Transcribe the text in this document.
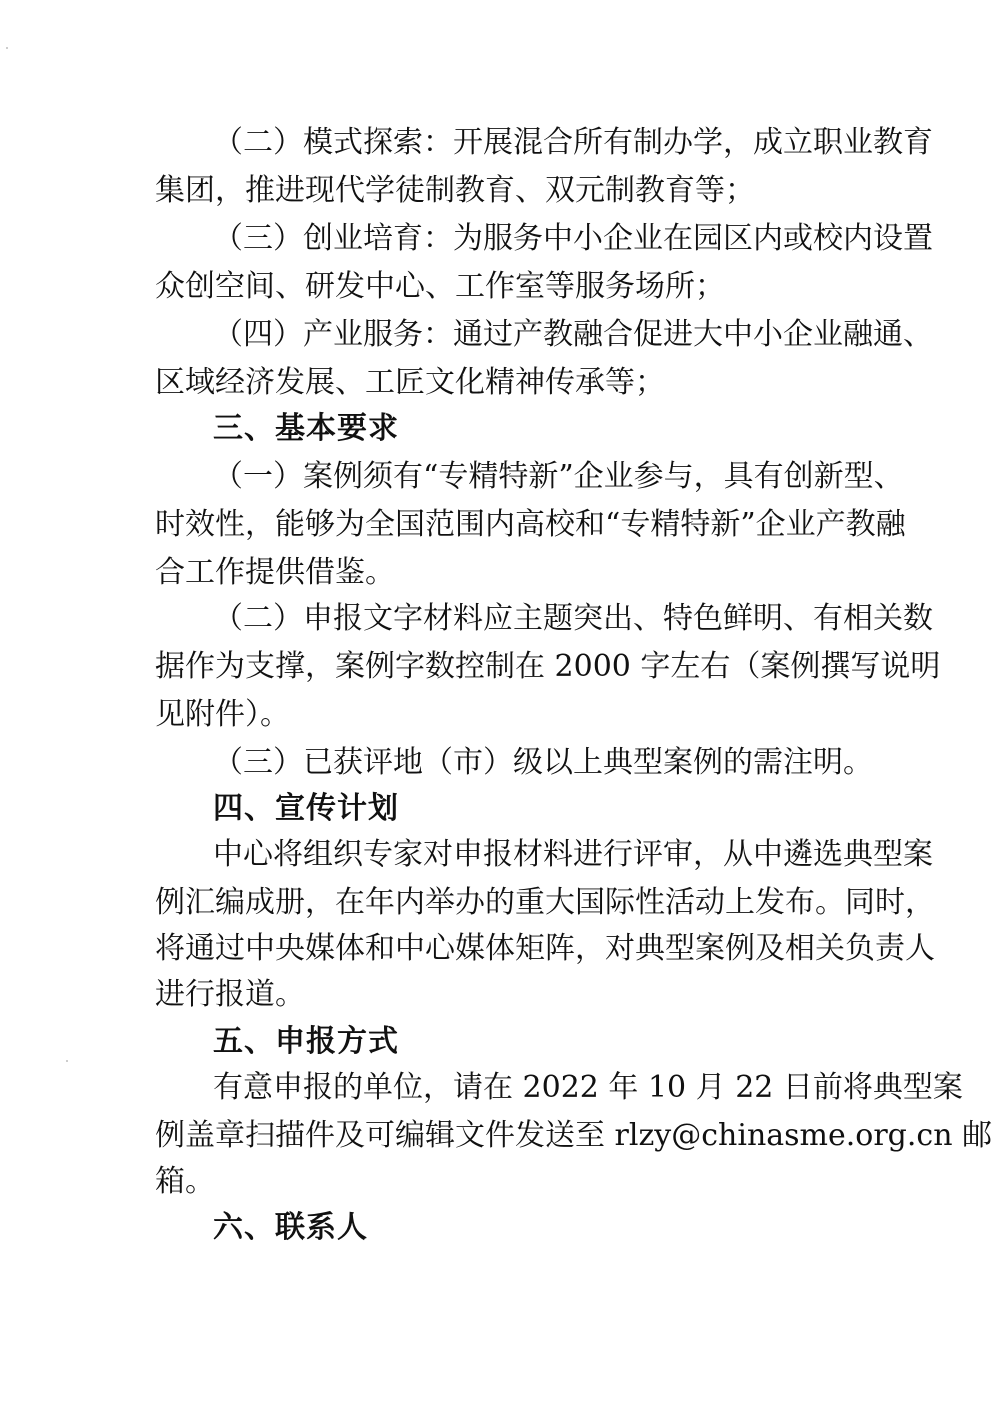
（二）模式探索：开展混合所有制办学，成立职业教育
集团，推进现代学徒制教育、双元制教育等；
（三）创业培育：为服务中小企业在园区内或校内设置
众创空间、研发中心、工作室等服务场所；
（四）产业服务：通过产教融合促进大中小企业融通、
区域经济发展、工匠文化精神传承等；
三、基本要求
（一）案例须有“专精特新”企业参与，具有创新型、
时效性，能够为全国范围内高校和“专精特新”企业产教融
合工作提供借鉴。
（二）申报文字材料应主题突出、特色鲜明、有相关数
据作为支撑，案例字数控制在 2000 字左右（案例撰写说明
见附件）。
（三）已获评地（市）级以上典型案例的需注明。
四、宣传计划
中心将组织专家对申报材料进行评审，从中遴选典型案
例汇编成册，在年内举办的重大国际性活动上发布。同时，
将通过中央媒体和中心媒体矩阵，对典型案例及相关负责人
进行报道。
五、申报方式
有意申报的单位，请在 2022 年 10 月 22 日前将典型案
例盖章扫描件及可编辑文件发送至 rlzy@chinasme.org.cn 邮
箱。
六、联系人
